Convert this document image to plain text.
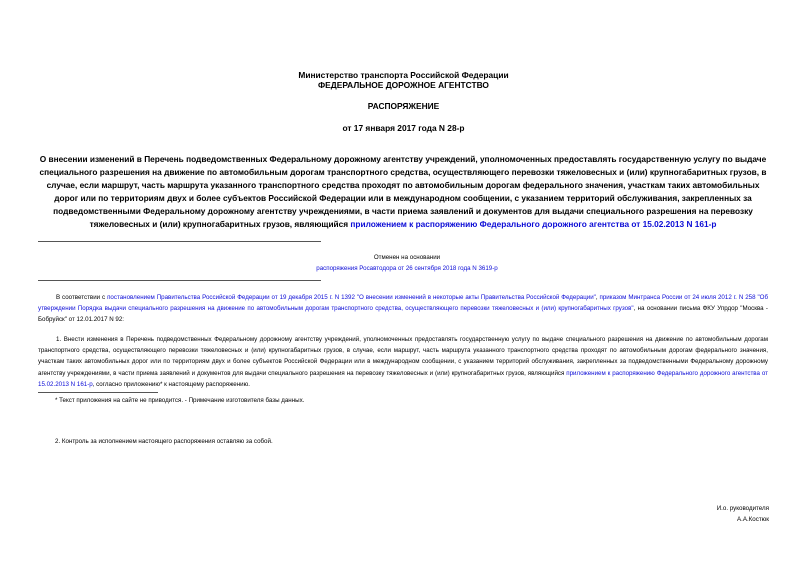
Министерство транспорта Российской Федерации
ФЕДЕРАЛЬНОЕ ДОРОЖНОЕ АГЕНТСТВО
РАСПОРЯЖЕНИЕ
от 17 января 2017 года N 28-р
О внесении изменений в Перечень подведомственных Федеральному дорожному агентству учреждений, уполномоченных предоставлять государственную услугу по выдаче специального разрешения на движение по автомобильным дорогам транспортного средства, осуществляющего перевозки тяжеловесных и (или) крупногабаритных грузов, в случае, если маршрут, часть маршрута указанного транспортного средства проходят по автомобильным дорогам федерального значения, участкам таких автомобильных дорог или по территориям двух и более субъектов Российской Федерации или в международном сообщении, с указанием территорий обслуживания, закрепленных за подведомственными Федеральному дорожному агентству учреждениями, в части приема заявлений и документов для выдачи специального разрешения на перевозку тяжеловесных и (или) крупногабаритных грузов, являющийся приложением к распоряжению Федерального дорожного агентства от 15.02.2013 N 161-р
Отменен на основании
распоряжения Росавтодора от 26 сентября 2018 года N 3619-р

В соответствии с постановлением Правительства Российской Федерации от 19 декабря 2015 г. N 1392 "О внесении изменений в некоторые акты Правительства Российской Федерации", приказом Минтранса России от 24 июля 2012 г. N 258 "Об утверждении Порядка выдачи специального разрешения на движение по автомобильным дорогам транспортного средства, осуществляющего перевозки тяжеловесных и (или) крупногабаритных грузов", на основании письма ФКУ Упрдор "Москва - Бобруйск" от 12.01.2017 N 92:

1. Внести изменения в Перечень подведомственных Федеральному дорожному агентству учреждений, уполномоченных предоставлять государственную услугу по выдаче специального разрешения на движение по автомобильным дорогам транспортного средства, осуществляющего перевозки тяжеловесных и (или) крупногабаритных грузов, в случае, если маршрут, часть маршрута указанного транспортного средства проходят по автомобильным дорогам федерального значения, участкам таких автомобильных дорог или по территориям двух и более субъектов Российской Федерации или в международном сообщении, с указанием территорий обслуживания, закрепленных за подведомственными Федеральному дорожному агентству учреждениями, в части приема заявлений и документов для выдачи специального разрешения на перевозку тяжеловесных и (или) крупногабаритных грузов, являющийся приложением к распоряжению Федерального дорожного агентства от 15.02.2013 N 161-р, согласно приложению* к настоящему распоряжению.

* Текст приложения на сайте не приводится. - Примечание изготовителя базы данных.
2. Контроль за исполнением настоящего распоряжения оставляю за собой.
И.о. руководителя
А.А.Костюк
